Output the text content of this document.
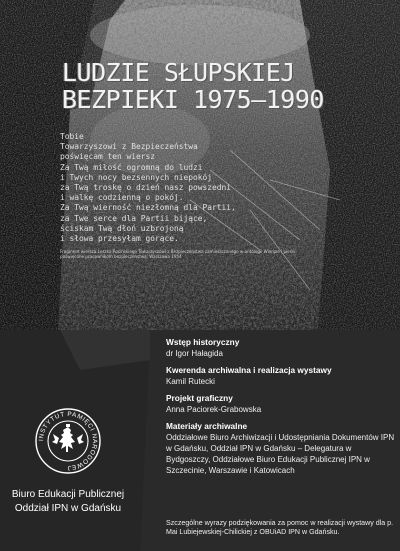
LUDZIE SŁUPSKIEJ
BEZPIEKI 1975–1990
Tobie
Towarzyszowi z Bezpieczeństwa
poświęcam ten wiersz
Za Twą miłość ogromną do ludzi
i Twych nocy bezsennych niepokój
za Twą troskę o dzień nasz powszedni
i walkę codzienną o pokój.
Za Twą wierność niezłomną dla Partii,
za Twe serce dla Partii bijące,
ściskam Twą dłoń uzbrojoną
i słowa przesyłam gorące.
Fragment wiersza Leszka Rosińskiego Towarzyszowi z Bezpieczeństwa zamieszczonego w antologii Wiersze i pieśni poświęcone pracownikom bezpieczeństwa, Warszawa 1954
INSTYTUT PAMIĘCI NARODOWEJ
Biuro Edukacji Publicznej
Oddział IPN w Gdańsku
Wstęp historyczny
dr Igor Hałagida
Kwerenda archiwalna i realizacja wystawy
Kamil Rutecki
Projekt graficzny
Anna Paciorek-Grabowska
Materiały archiwalne
Oddziałowe Biuro Archiwizacji i Udostępniania Dokumentów IPN w Gdańsku, Oddział IPN w Gdańsku – Delegatura w Bydgoszczy, Oddziałowe Biuro Edukacji Publicznej IPN w Szczecinie, Warszawie i Katowicach
Szczególne wyrazy podziękowania za pomoc w realizacji wystawy dla p. Mai Lubiejewskiej-Chilickiej z OBUiAD IPN w Gdańsku.
